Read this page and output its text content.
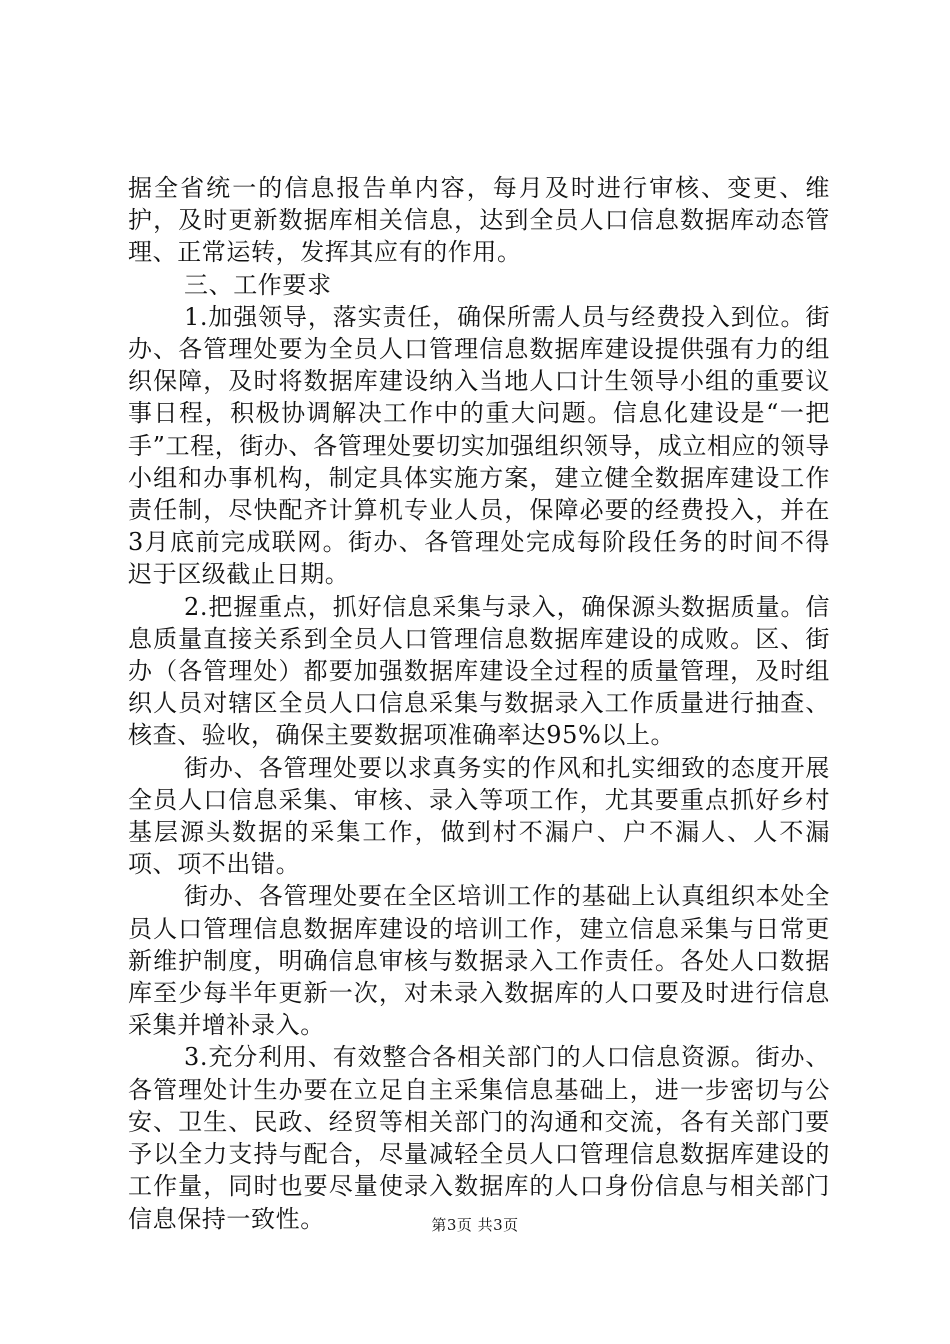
据全省统一的信息报告单内容，每月及时进行审核、变更、维护，及时更新数据库相关信息，达到全员人口信息数据库动态管理、正常运转，发挥其应有的作用。

三、工作要求

1.加强领导，落实责任，确保所需人员与经费投入到位。街办、各管理处要为全员人口管理信息数据库建设提供强有力的组织保障，及时将数据库建设纳入当地人口计生领导小组的重要议事日程，积极协调解决工作中的重大问题。信息化建设是“一把手”工程，街办、各管理处要切实加强组织领导，成立相应的领导小组和办事机构，制定具体实施方案，建立健全数据库建设工作责任制，尽快配齐计算机专业人员，保障必要的经费投入，并在3月底前完成联网。街办、各管理处完成每阶段任务的时间不得迟于区级截止日期。

2.把握重点，抓好信息采集与录入，确保源头数据质量。信息质量直接关系到全员人口管理信息数据库建设的成败。区、街办（各管理处）都要加强数据库建设全过程的质量管理，及时组织人员对辖区全员人口信息采集与数据录入工作质量进行抽查、核查、验收，确保主要数据项准确率达95%以上。

街办、各管理处要以求真务实的作风和扎实细致的态度开展全员人口信息采集、审核、录入等项工作，尤其要重点抓好乡村基层源头数据的采集工作，做到村不漏户、户不漏人、人不漏项、项不出错。

街办、各管理处要在全区培训工作的基础上认真组织本处全员人口管理信息数据库建设的培训工作，建立信息采集与日常更新维护制度，明确信息审核与数据录入工作责任。各处人口数据库至少每半年更新一次，对未录入数据库的人口要及时进行信息采集并增补录入。

3.充分利用、有效整合各相关部门的人口信息资源。街办、各管理处计生办要在立足自主采集信息基础上，进一步密切与公安、卫生、民政、经贸等相关部门的沟通和交流，各有关部门要予以全力支持与配合，尽量减轻全员人口管理信息数据库建设的工作量，同时也要尽量使录入数据库的人口身份信息与相关部门信息保持一致性。	第3页 共3页
